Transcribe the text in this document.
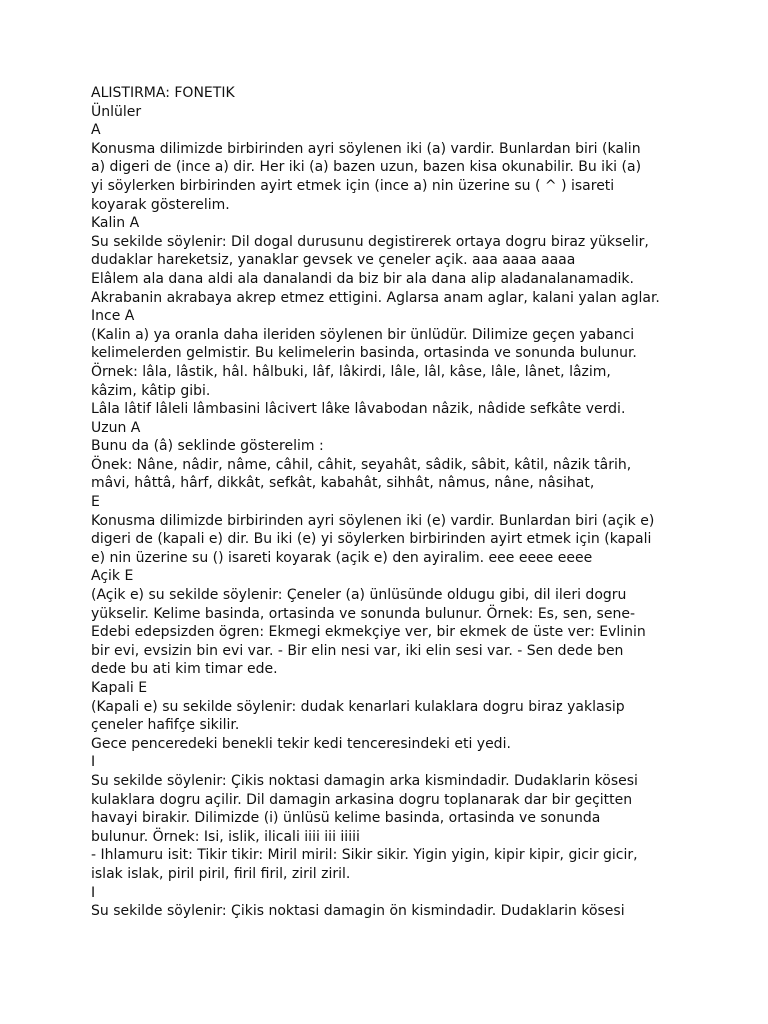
ALISTIRMA: FONETIK
Ünlüler
A
Konusma dilimizde birbirinden ayri söylenen iki (a) vardir. Bunlardan biri (kalin
a) digeri de (ince a) dir. Her iki (a) bazen uzun, bazen kisa okunabilir. Bu iki (a)
yi söylerken birbirinden ayirt etmek için (ince a) nin üzerine su ( ^ ) isareti
koyarak gösterelim.
Kalin A
Su sekilde söylenir: Dil dogal durusunu degistirerek ortaya dogru biraz yükselir,
dudaklar hareketsiz, yanaklar gevsek ve çeneler açik. aaa aaaa aaaa
Elâlem ala dana aldi ala danalandi da biz bir ala dana alip aladanalanamadik.
Akrabanin akrabaya akrep etmez ettigini. Aglarsa anam aglar, kalani yalan aglar.
Ince A
(Kalin a) ya oranla daha ileriden söylenen bir ünlüdür. Dilimize geçen yabanci
kelimelerden gelmistir. Bu kelimelerin basinda, ortasinda ve sonunda bulunur.
Örnek: lâla, lâstik, hâl. hâlbuki, lâf, lâkirdi, lâle, lâl, kâse, lâle, lânet, lâzim,
kâzim, kâtip gibi.
Lâla lâtif lâleli lâmbasini lâcivert lâke lâvabodan nâzik, nâdide sefkâte verdi.
Uzun A
Bunu da (â) seklinde gösterelim :
Önek: Nâne, nâdir, nâme, câhil, câhit, seyahât, sâdik, sâbit, kâtil, nâzik târih,
mâvi, hâttâ, hârf, dikkât, sefkât, kabahât, sihhât, nâmus, nâne, nâsihat,
E
Konusma dilimizde birbirinden ayri söylenen iki (e) vardir. Bunlardan biri (açik e)
digeri de (kapali e) dir. Bu iki (e) yi söylerken birbirinden ayirt etmek için (kapali
e) nin üzerine su () isareti koyarak (açik e) den ayiralim. eee eeee eeee
Açik E
(Açik e) su sekilde söylenir: Çeneler (a) ünlüsünde oldugu gibi, dil ileri dogru
yükselir. Kelime basinda, ortasinda ve sonunda bulunur. Örnek: Es, sen, sene-
Edebi edepsizden ögren: Ekmegi ekmekçiye ver, bir ekmek de üste ver: Evlinin
bir evi, evsizin bin evi var. - Bir elin nesi var, iki elin sesi var. - Sen dede ben
dede bu ati kim timar ede.
Kapali E
(Kapali e) su sekilde söylenir: dudak kenarlari kulaklara dogru biraz yaklasip
çeneler hafifçe sikilir.
Gece penceredeki benekli tekir kedi tenceresindeki eti yedi.
I
Su sekilde söylenir: Çikis noktasi damagin arka kismindadir. Dudaklarin kösesi
kulaklara dogru açilir. Dil damagin arkasina dogru toplanarak dar bir geçitten
havayi birakir. Dilimizde (i) ünlüsü kelime basinda, ortasinda ve sonunda
bulunur. Örnek: Isi, islik, ilicali iiii iii iiiii
- Ihlamuru isit: Tikir tikir: Miril miril: Sikir sikir. Yigin yigin, kipir kipir, gicir gicir,
islak islak, piril piril, firil firil, ziril ziril.
I
Su sekilde söylenir: Çikis noktasi damagin ön kismindadir. Dudaklarin kösesi
